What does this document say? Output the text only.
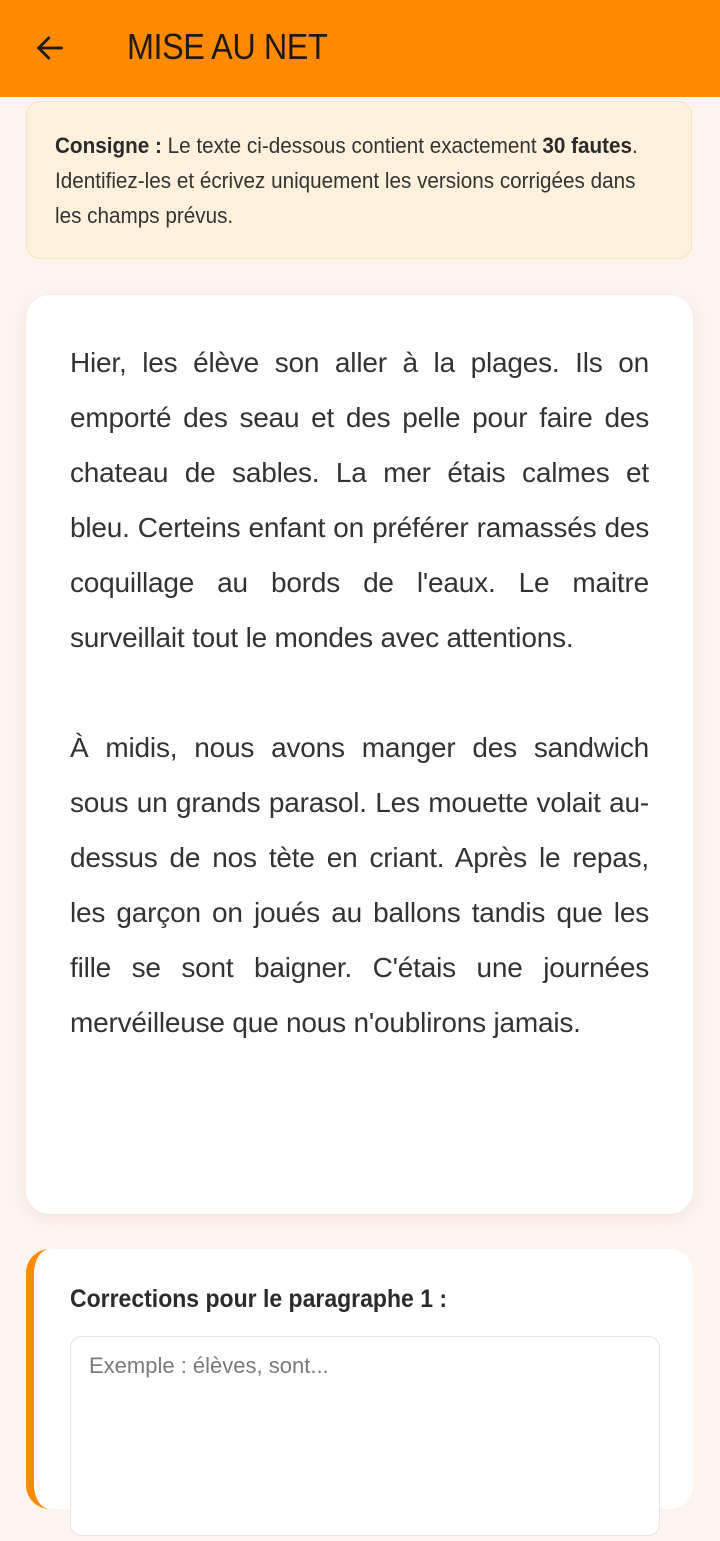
MISE AU NET
Consigne : Le texte ci-dessous contient exactement 30 fautes. Identifiez-les et écrivez uniquement les versions corrigées dans les champs prévus.

Hier, les élève son aller à la plages. Ils on emporté des seau et des pelle pour faire des chateau de sables. La mer étais calmes et bleu. Certeins enfant on préférer ramassés des coquillage au bords de l'eaux. Le maitre surveillait tout le mondes avec attentions.

À midis, nous avons manger des sandwich sous un grands parasol. Les mouette volait au-dessus de nos tète en criant. Après le repas, les garçon on joués au ballons tandis que les fille se sont baigner. C'étais une journées mervéilleuse que nous n'oublirons jamais.

Corrections pour le paragraphe 1 : Exemple : élèves, sont...
